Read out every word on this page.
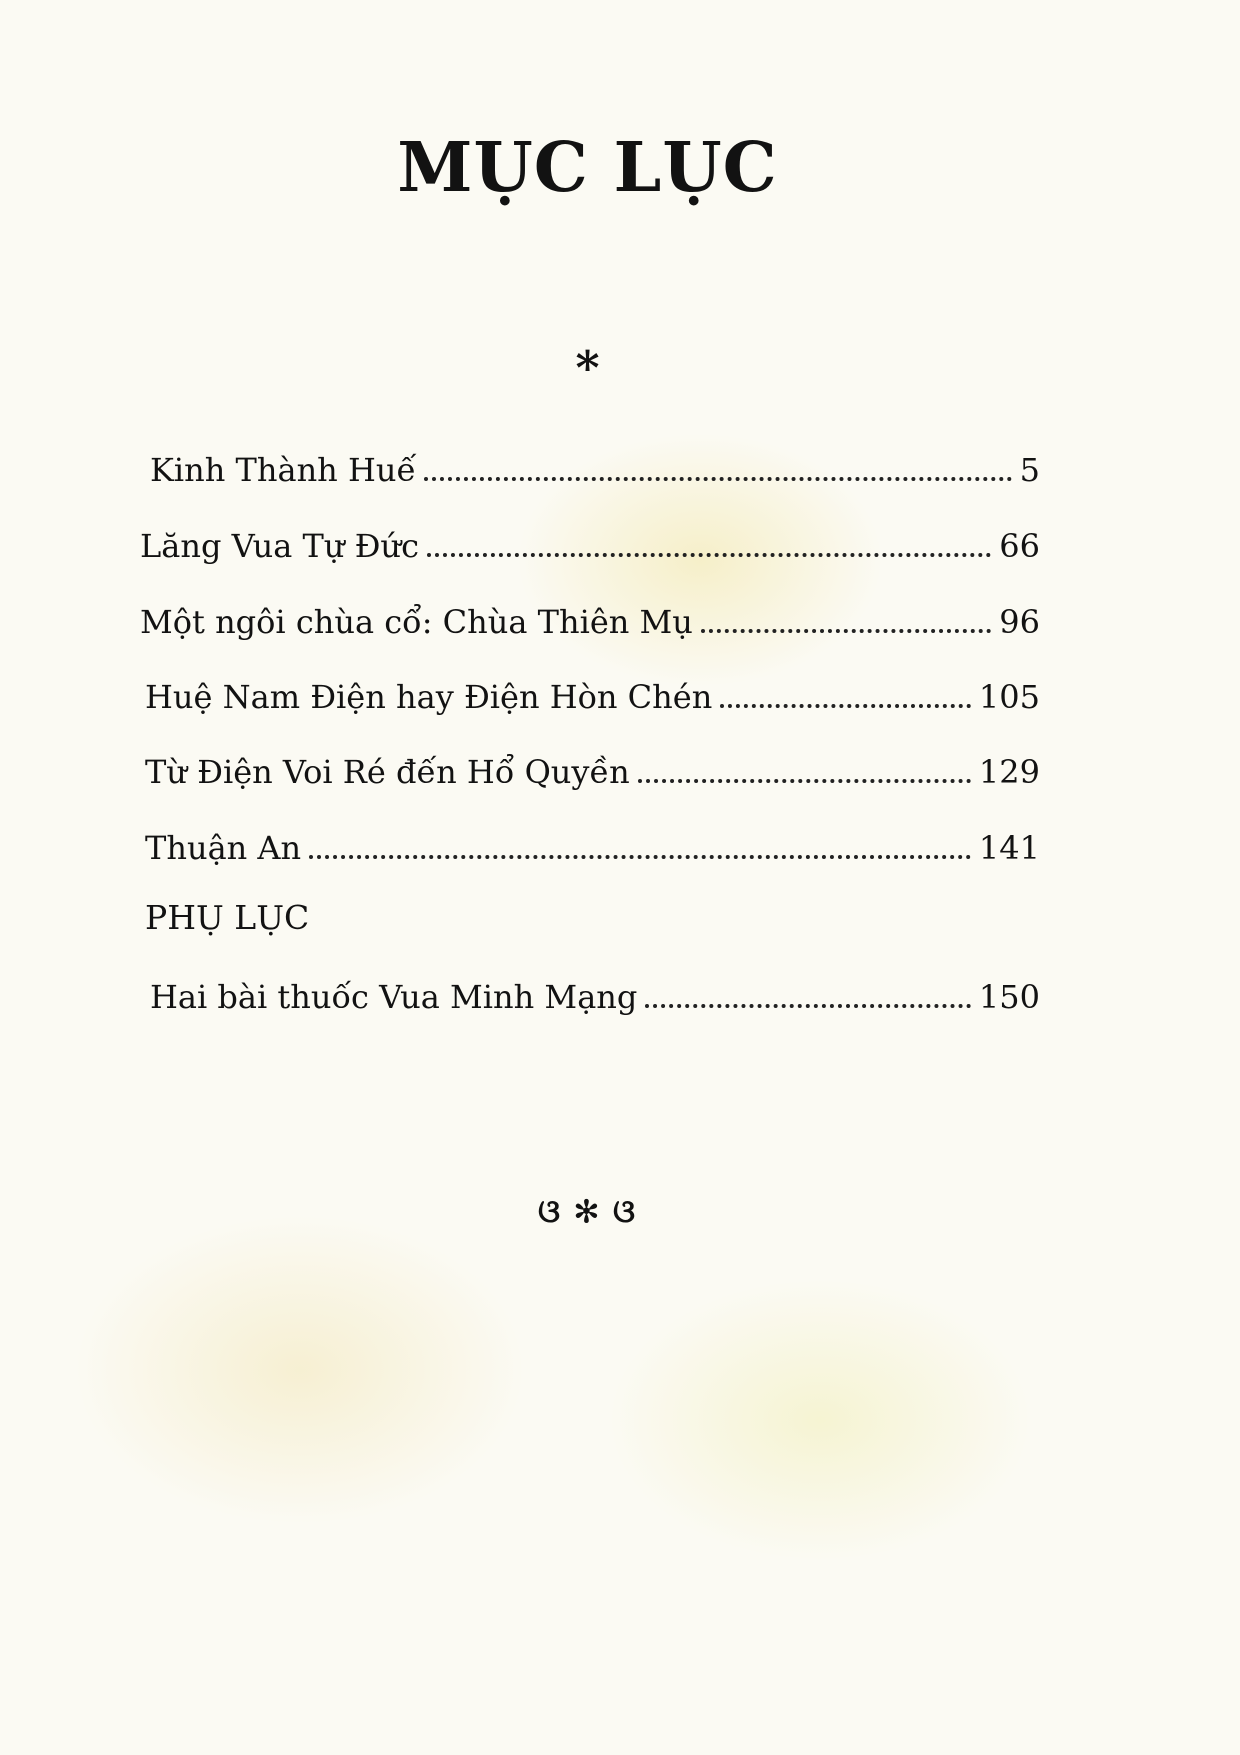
MỤC LỤC
*
Kinh Thành Huế	5
Lăng Vua Tự Đức	66
Một ngôi chùa cổ: Chùa Thiên Mụ	96
Huệ Nam Điện hay Điện Hòn Chén	105
Từ Điện Voi Ré đến Hổ Quyền	129
Thuận An	141
PHỤ LỤC
Hai bài thuốc Vua Minh Mạng	150
ଓ ✻ ଓ
